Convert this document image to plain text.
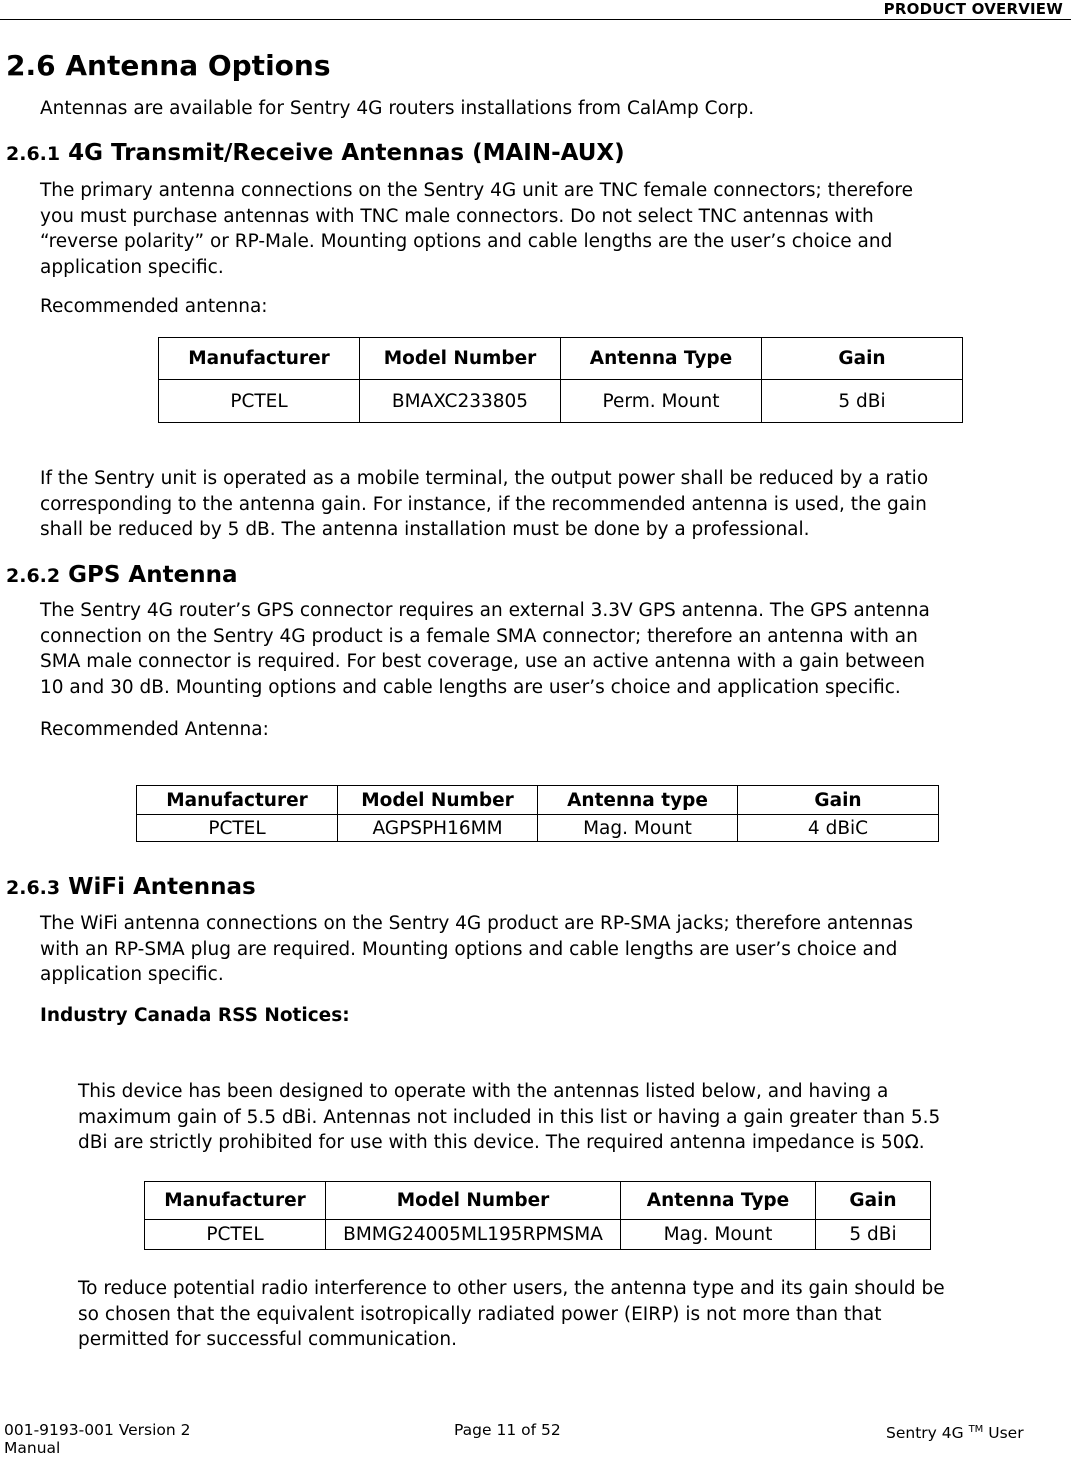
PRODUCT OVERVIEW
2.6 Antenna Options
Antennas are available for Sentry 4G routers installations from CalAmp Corp.
2.6.1 4G Transmit/Receive Antennas (MAIN-AUX)
The primary antenna connections on the Sentry 4G unit are TNC female connectors; therefore
you must purchase antennas with TNC male connectors. Do not select TNC antennas with
“reverse polarity” or RP-Male. Mounting options and cable lengths are the user’s choice and
application specific.
Recommended antenna:
Manufacturer	Model Number	Antenna Type	Gain
PCTEL	BMAXC233805	Perm. Mount	5 dBi
If the Sentry unit is operated as a mobile terminal, the output power shall be reduced by a ratio
corresponding to the antenna gain. For instance, if the recommended antenna is used, the gain
shall be reduced by 5 dB. The antenna installation must be done by a professional.
2.6.2 GPS Antenna
The Sentry 4G router’s GPS connector requires an external 3.3V GPS antenna. The GPS antenna
connection on the Sentry 4G product is a female SMA connector; therefore an antenna with an
SMA male connector is required. For best coverage, use an active antenna with a gain between
10 and 30 dB. Mounting options and cable lengths are user’s choice and application specific.
Recommended Antenna:
Manufacturer	Model Number	Antenna type	Gain
PCTEL	AGPSPH16MM	Mag. Mount	4 dBiC
2.6.3 WiFi Antennas
The WiFi antenna connections on the Sentry 4G product are RP-SMA jacks; therefore antennas
with an RP-SMA plug are required. Mounting options and cable lengths are user’s choice and
application specific.
Industry Canada RSS Notices:
This device has been designed to operate with the antennas listed below, and having a
maximum gain of 5.5 dBi. Antennas not included in this list or having a gain greater than 5.5
dBi are strictly prohibited for use with this device. The required antenna impedance is 50Ω.
Manufacturer	Model Number	Antenna Type	Gain
PCTEL	BMMG24005ML195RPMSMA	Mag. Mount	5 dBi
To reduce potential radio interference to other users, the antenna type and its gain should be
so chosen that the equivalent isotropically radiated power (EIRP) is not more than that
permitted for successful communication.
001-9193-001 Version 2	Page 11 of 52	Sentry 4G ™ User
Manual
